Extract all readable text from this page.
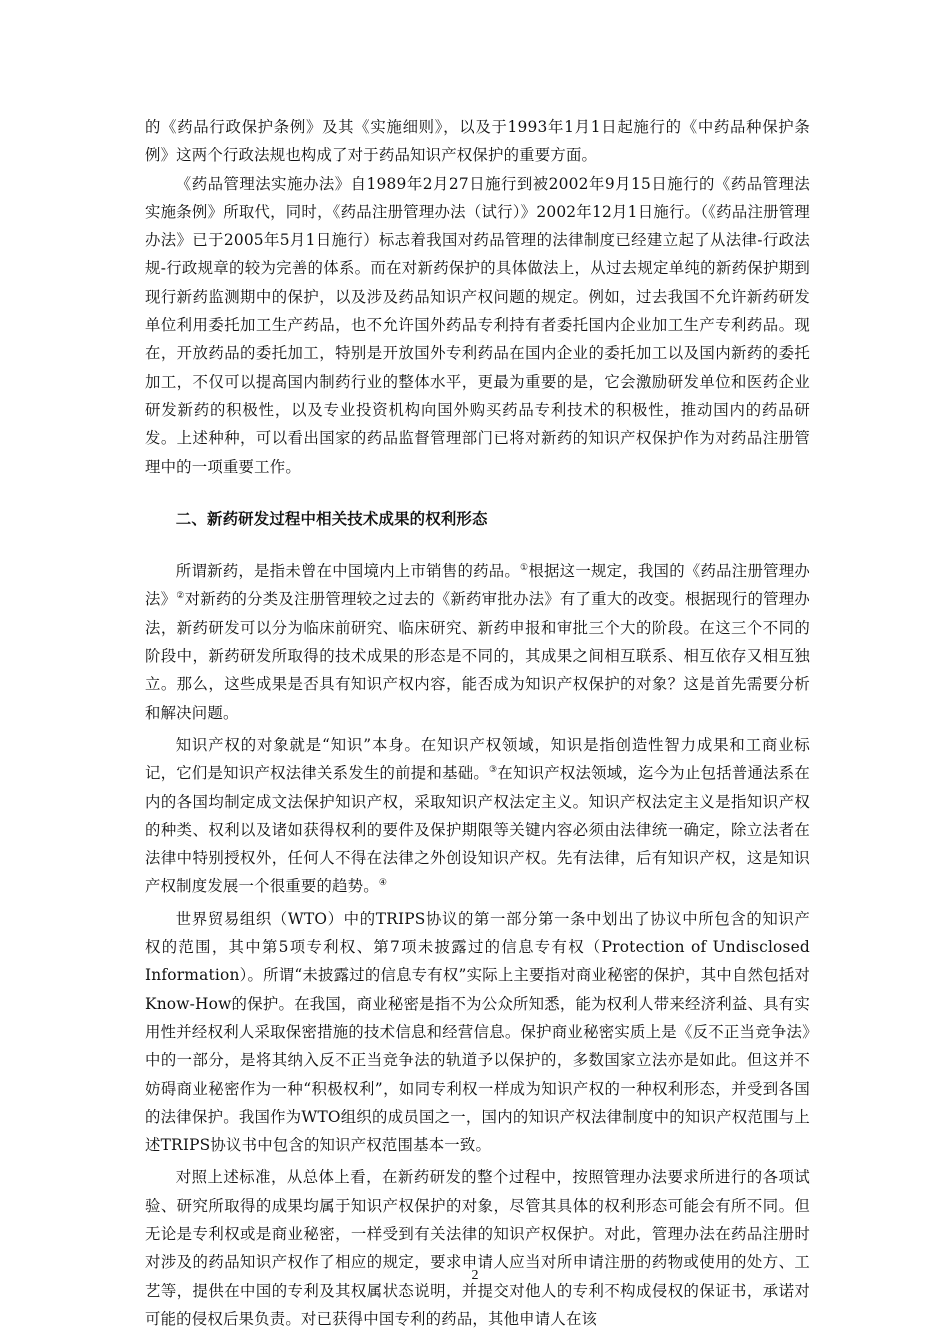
的《药品行政保护条例》及其《实施细则》，以及于1993年1月1日起施行的《中药品种保护条例》这两个行政法规也构成了对于药品知识产权保护的重要方面。

《药品管理法实施办法》自1989年2月27日施行到被2002年9月15日施行的《药品管理法实施条例》所取代，同时，《药品注册管理办法（试行）》2002年12月1日施行。（《药品注册管理办法》已于2005年5月1日施行）标志着我国对药品管理的法律制度已经建立起了从法律-行政法规-行政规章的较为完善的体系。而在对新药保护的具体做法上，从过去规定单纯的新药保护期到现行新药监测期中的保护，以及涉及药品知识产权问题的规定。例如，过去我国不允许新药研发单位利用委托加工生产药品，也不允许国外药品专利持有者委托国内企业加工生产专利药品。现在，开放药品的委托加工，特别是开放国外专利药品在国内企业的委托加工以及国内新药的委托加工，不仅可以提高国内制药行业的整体水平，更最为重要的是，它会激励研发单位和医药企业研发新药的积极性，以及专业投资机构向国外购买药品专利技术的积极性，推动国内的药品研发。上述种种，可以看出国家的药品监督管理部门已将对新药的知识产权保护作为对药品注册管理中的一项重要工作。

二、新药研发过程中相关技术成果的权利形态

所谓新药，是指未曾在中国境内上市销售的药品。①根据这一规定，我国的《药品注册管理办法》②对新药的分类及注册管理较之过去的《新药审批办法》有了重大的改变。根据现行的管理办法，新药研发可以分为临床前研究、临床研究、新药申报和审批三个大的阶段。在这三个不同的阶段中，新药研发所取得的技术成果的形态是不同的，其成果之间相互联系、相互依存又相互独立。那么，这些成果是否具有知识产权内容，能否成为知识产权保护的对象？这是首先需要分析和解决问题。

知识产权的对象就是“知识”本身。在知识产权领域，知识是指创造性智力成果和工商业标记，它们是知识产权法律关系发生的前提和基础。③在知识产权法领域，迄今为止包括普通法系在内的各国均制定成文法保护知识产权，采取知识产权法定主义。知识产权法定主义是指知识产权的种类、权利以及诸如获得权利的要件及保护期限等关键内容必须由法律统一确定，除立法者在法律中特别授权外，任何人不得在法律之外创设知识产权。先有法律，后有知识产权，这是知识产权制度发展一个很重要的趋势。④

世界贸易组织（WTO）中的TRIPS协议的第一部分第一条中划出了协议中所包含的知识产权的范围，其中第5项专利权、第7项未披露过的信息专有权（Protection of Undisclosed Information）。所谓“未披露过的信息专有权”实际上主要指对商业秘密的保护，其中自然包括对Know-How的保护。在我国，商业秘密是指不为公众所知悉，能为权利人带来经济利益、具有实用性并经权利人采取保密措施的技术信息和经营信息。保护商业秘密实质上是《反不正当竞争法》中的一部分，是将其纳入反不正当竞争法的轨道予以保护的，多数国家立法亦是如此。但这并不妨碍商业秘密作为一种“积极权利”，如同专利权一样成为知识产权的一种权利形态，并受到各国的法律保护。我国作为WTO组织的成员国之一，国内的知识产权法律制度中的知识产权范围与上述TRIPS协议书中包含的知识产权范围基本一致。

对照上述标准，从总体上看，在新药研发的整个过程中，按照管理办法要求所进行的各项试验、研究所取得的成果均属于知识产权保护的对象，尽管其具体的权利形态可能会有所不同。但无论是专利权或是商业秘密，一样受到有关法律的知识产权保护。对此，管理办法在药品注册时对涉及的药品知识产权作了相应的规定，要求申请人应当对所申请注册的药物或使用的处方、工艺等，提供在中国的专利及其权属状态说明，并提交对他人的专利不构成侵权的保证书，承诺对可能的侵权后果负责。对已获得中国专利的药品，其他申请人在该

2
